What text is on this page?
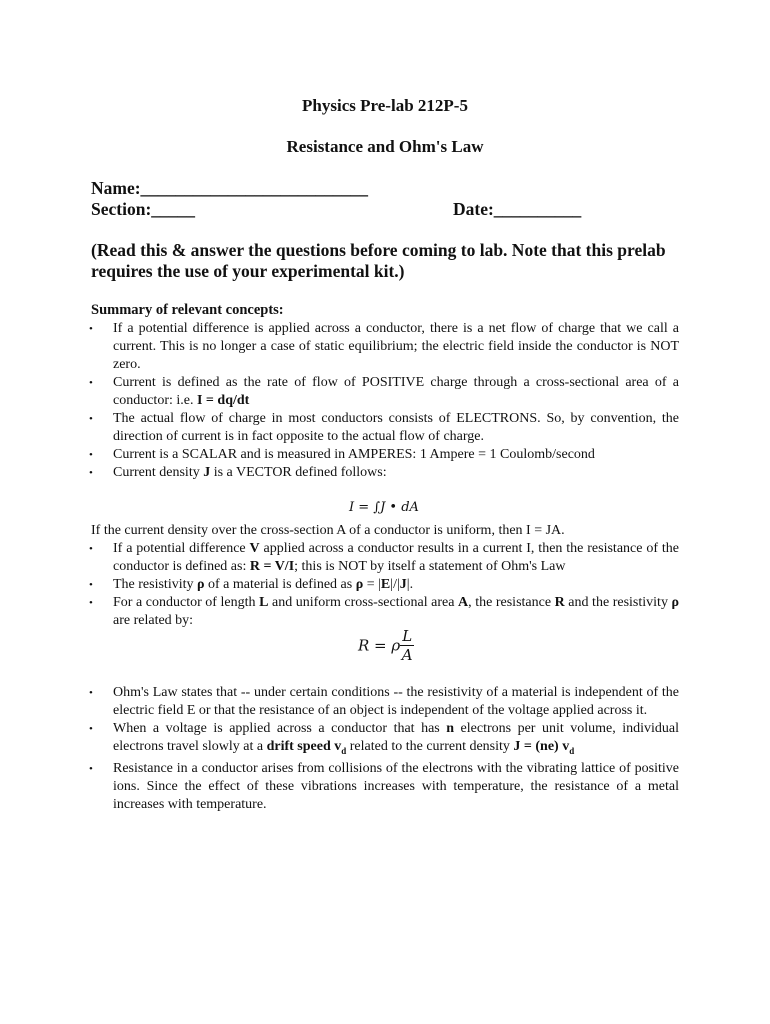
Physics Pre-lab 212P-5
Resistance and Ohm's Law
Name:__________________________
Section:_____	Date:__________
(Read this & answer the questions before coming to lab. Note that this prelab requires the use of your experimental kit.)
Summary of relevant concepts:
• If a potential difference is applied across a conductor, there is a net flow of charge that we call a current. This is no longer a case of static equilibrium; the electric field inside the conductor is NOT zero.
• Current is defined as the rate of flow of POSITIVE charge through a cross-sectional area of a conductor: i.e. I = dq/dt
• The actual flow of charge in most conductors consists of ELECTRONS. So, by convention, the direction of current is in fact opposite to the actual flow of charge.
• Current is a SCALAR and is measured in AMPERES: 1 Ampere = 1 Coulomb/second
• Current density J is a VECTOR defined follows:
I = ∫J • dA
If the current density over the cross-section A of a conductor is uniform, then I = JA.
• If a potential difference V applied across a conductor results in a current I, then the resistance of the conductor is defined as: R = V/I; this is NOT by itself a statement of Ohm's Law
• The resistivity ρ of a material is defined as ρ = |E|/|J|.
• For a conductor of length L and uniform cross-sectional area A, the resistance R and the resistivity ρ are related by:
R = ρ $\frac{L}{A}$
• Ohm's Law states that -- under certain conditions -- the resistivity of a material is independent of the electric field E or that the resistance of an object is independent of the voltage applied across it.
• When a voltage is applied across a conductor that has n electrons per unit volume, individual electrons travel slowly at a drift speed $v_d$ related to the current density J = (ne) $v_d$
• Resistance in a conductor arises from collisions of the electrons with the vibrating lattice of positive ions. Since the effect of these vibrations increases with temperature, the resistance of a metal increases with temperature.
